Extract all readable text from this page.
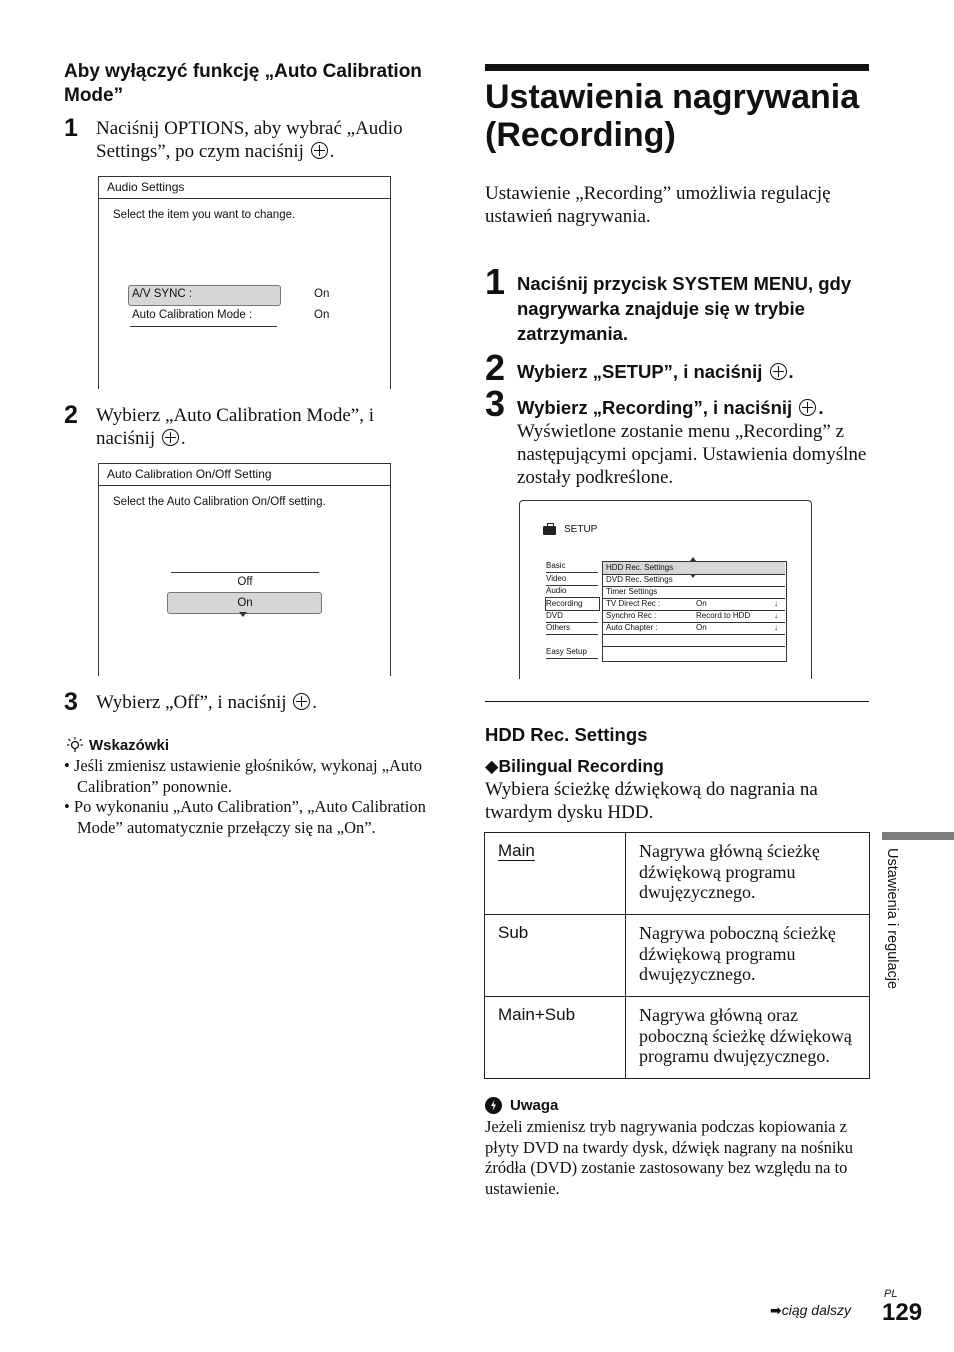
Aby wyłączyć funkcję „Auto Calibration Mode”
1 Naciśnij OPTIONS, aby wybrać „Audio Settings”, po czym naciśnij .
Audio Settings
Select the item you want to change.
A/V SYNC :	On
Auto Calibration Mode :	On
2 Wybierz „Auto Calibration Mode”, i naciśnij .
Auto Calibration On/Off Setting
Select the Auto Calibration On/Off setting.
Off
On
3 Wybierz „Off”, i naciśnij .
Wskazówki
• Jeśli zmienisz ustawienie głośników, wykonaj „Auto Calibration” ponownie.
• Po wykonaniu „Auto Calibration”, „Auto Calibration Mode” automatycznie przełączy się na „On”.
Ustawienia nagrywania
(Recording)
Ustawienie „Recording” umożliwia regulację ustawień nagrywania.
1 Naciśnij przycisk SYSTEM MENU, gdy nagrywarka znajduje się w trybie zatrzymania.
2 Wybierz „SETUP”, i naciśnij .
3 Wybierz „Recording”, i naciśnij .
Wyświetlone zostanie menu „Recording” z następującymi opcjami. Ustawienia domyślne zostały podkreślone.
SETUP
Basic
Video
Audio
Recording
DVD
Others
Easy Setup
HDD Rec. Settings
DVD Rec. Settings
Timer Settings
TV Direct Rec :	On	↓
Synchro Rec :	Record to HDD	↓
Auto Chapter :	On	↓
HDD Rec. Settings
◆Bilingual Recording
Wybiera ścieżkę dźwiękową do nagrania na twardym dysku HDD.
Main	Nagrywa główną ścieżkę dźwiękową programu dwujęzycznego.
Sub	Nagrywa poboczną ścieżkę dźwiękową programu dwujęzycznego.
Main+Sub	Nagrywa główną oraz poboczną ścieżkę dźwiękową programu dwujęzycznego.
Uwaga
Jeżeli zmienisz tryb nagrywania podczas kopiowania z płyty DVD na twardy dysk, dźwięk nagrany na nośniku źródła (DVD) zostanie zastosowany bez względu na to ustawienie.
Ustawienia i regulacje
➡ciąg dalszy
PL
129
